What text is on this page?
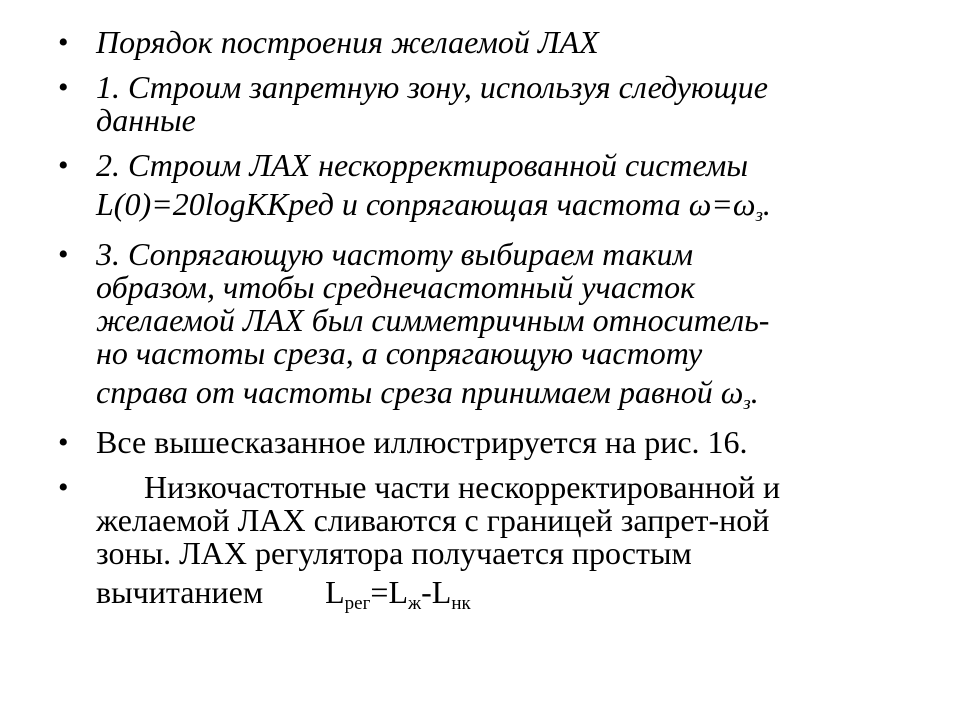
• Порядок построения желаемой ЛАХ
• 1. Строим запретную зону, используя следующие
данные
• 2. Строим ЛАХ нескорректированной системы
L(0)=20logKKред и сопрягающая частота $\omega=\omega_з$.
• 3. Сопрягающую частоту выбираем таким
образом, чтобы среднечастотный участок
желаемой ЛАХ был симметричным относитель-
но частоты среза, а сопрягающую частоту
справа от частоты среза принимаем равной $\omega_з$.
• Все вышесказанное иллюстрируется на рис. 16.
•	Низкочастотные части нескорректированной и
желаемой ЛАХ сливаются с границей запрет-ной
зоны. ЛАХ регулятора получается простым
вычитанием $L_{рег}=L_ж-L_{нк}$
